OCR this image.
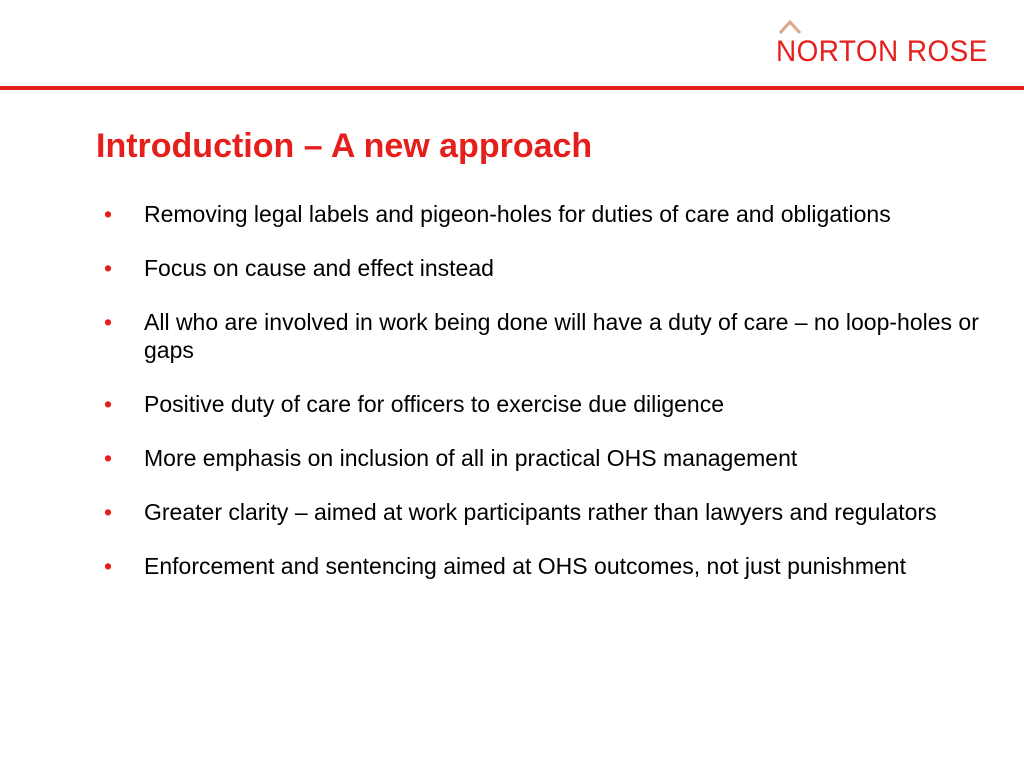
NORTON ROSE
Introduction – A new approach
• Removing legal labels and pigeon-holes for duties of care and obligations
• Focus on cause and effect instead
• All who are involved in work being done will have a duty of care – no loop-holes or gaps
• Positive duty of care for officers to exercise due diligence
• More emphasis on inclusion of all in practical OHS management
• Greater clarity – aimed at work participants rather than lawyers and regulators
• Enforcement and sentencing aimed at OHS outcomes, not just punishment
